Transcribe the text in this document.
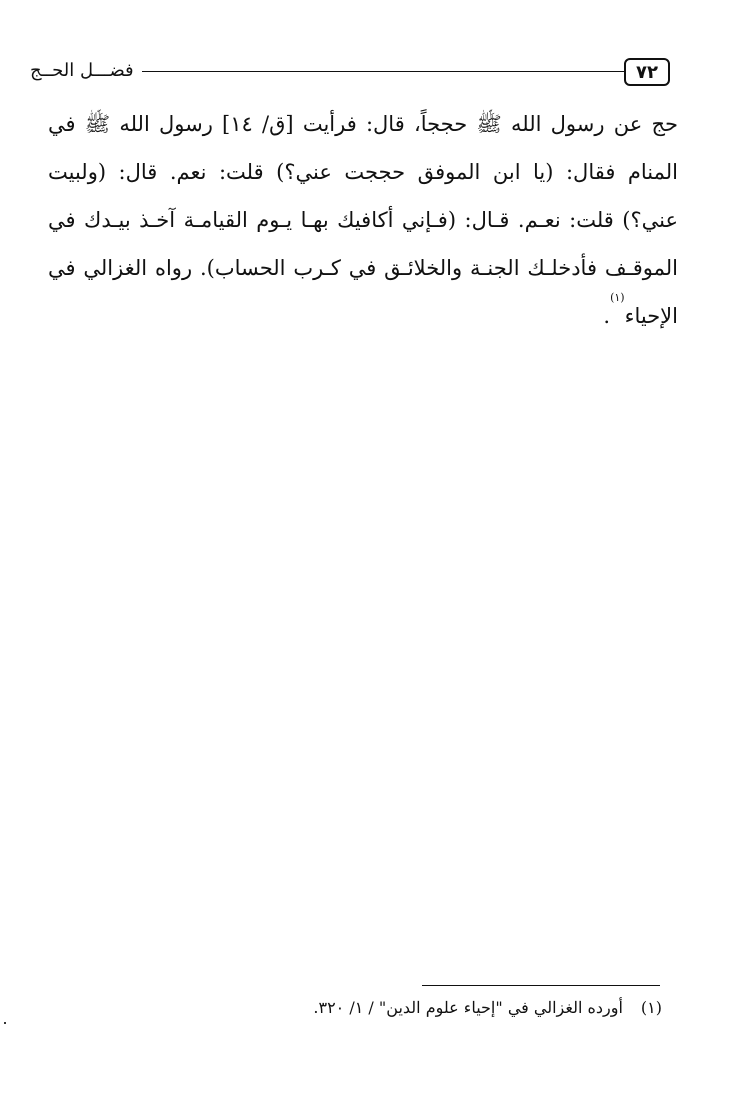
٧٢
فضـــل الحــج

حج عن رسول الله ﷺ حججاً، قال: فرأيت [ق/ ١٤] رسول الله ﷺ في المنام فقال: (يا ابن الموفق حججت عني؟) قلت: نعم. قال: (ولبيت عني؟) قلت: نعـم. قـال: (فـإني أكافيك بهـا يـوم القيامـة آخـذ بيـدك في الموقـف فأدخلـك الجنـة والخلائـق في كـرب الحساب). رواه الغزالي في الإحياء$^{(١)}$.

(١)أورده الغزالي في "إحياء علوم الدين" / ١/ ٣٢٠.
